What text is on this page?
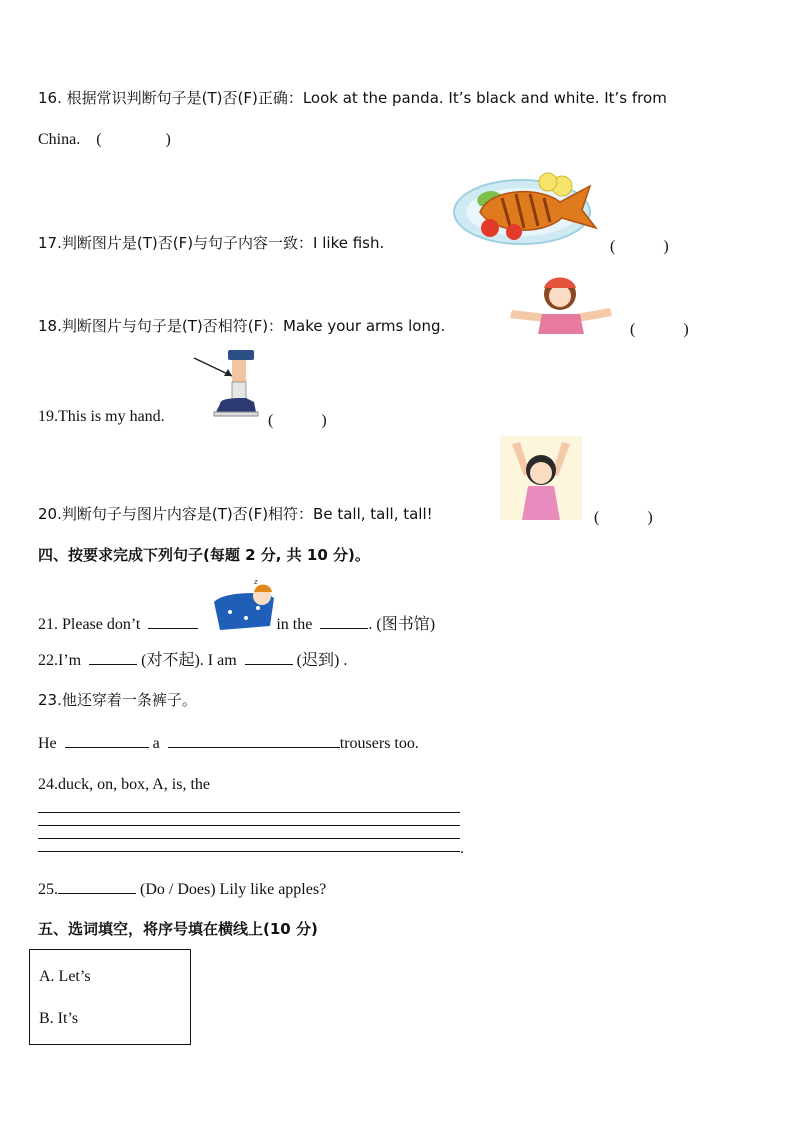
16. 根据常识判断句子是(T)否(F)正确：Look at the panda. It’s black and white. It’s from
China. (　　　　)
17.判断图片是(T)否(F)与句子内容一致：I like fish.	(　　　)
18.判断图片与句子是(T)否相符(F)：Make your arms long.	(　　　)
19.This is my hand.	(　　　)
20.判断句子与图片内容是(T)否(F)相符：Be tall, tall, tall!	(　　　)
四、按要求完成下列句子(每题 2 分, 共 10 分)。
z
21. Please don’t	in the	. (图书馆)
22.I’m	(对不起). I am	(迟到) .
23.他还穿着一条裤子。
He	a	trousers too.
24.duck, on, box, A, is, the
.
25.	(Do / Does) Lily like apples?
五、选词填空，将序号填在横线上(10 分)
A. Let’s
B. It’s
